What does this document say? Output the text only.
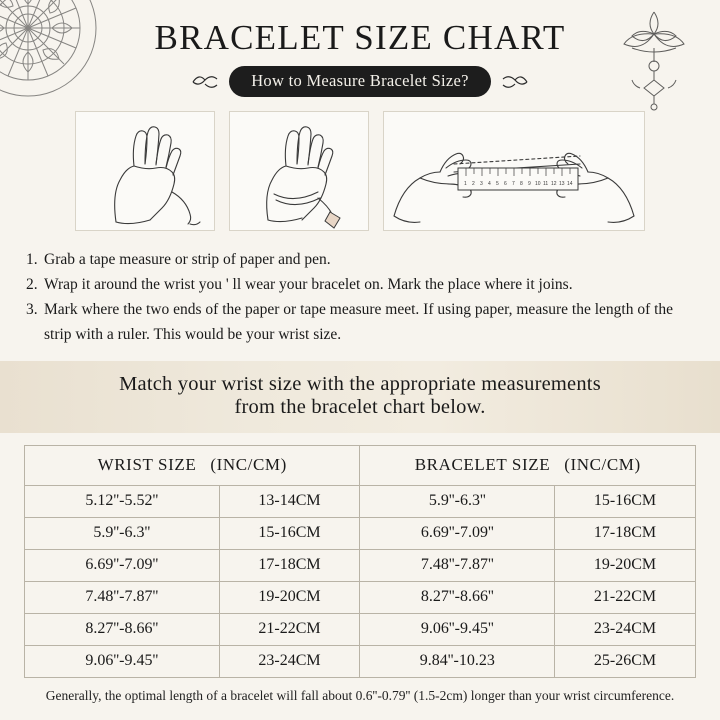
BRACELET SIZE CHART
How to Measure Bracelet Size?
1 2 3 4 5 6 7 8 9 10 11 12 13 14
1. Grab a tape measure or strip of paper and pen.
2. Wrap it around the wrist you ' ll wear your bracelet on. Mark the place where it joins.
3. Mark where the two ends of the paper or tape measure meet. If using paper, measure the length of the strip with a ruler. This would be your wrist size.
Match your wrist size with the appropriate measurements
from the bracelet chart below.
WRIST SIZE (INC/CM)		BRACELET SIZE (INC/CM)	
5.12''-5.52''	13-14CM	5.9''-6.3''	15-16CM
5.9''-6.3''	15-16CM	6.69''-7.09''	17-18CM
6.69''-7.09''	17-18CM	7.48''-7.87''	19-20CM
7.48''-7.87''	19-20CM	8.27''-8.66''	21-22CM
8.27''-8.66''	21-22CM	9.06''-9.45''	23-24CM
9.06''-9.45''	23-24CM	9.84''-10.23	25-26CM
Generally, the optimal length of a bracelet will fall about 0.6''-0.79'' (1.5-2cm) longer than your wrist circumference.
